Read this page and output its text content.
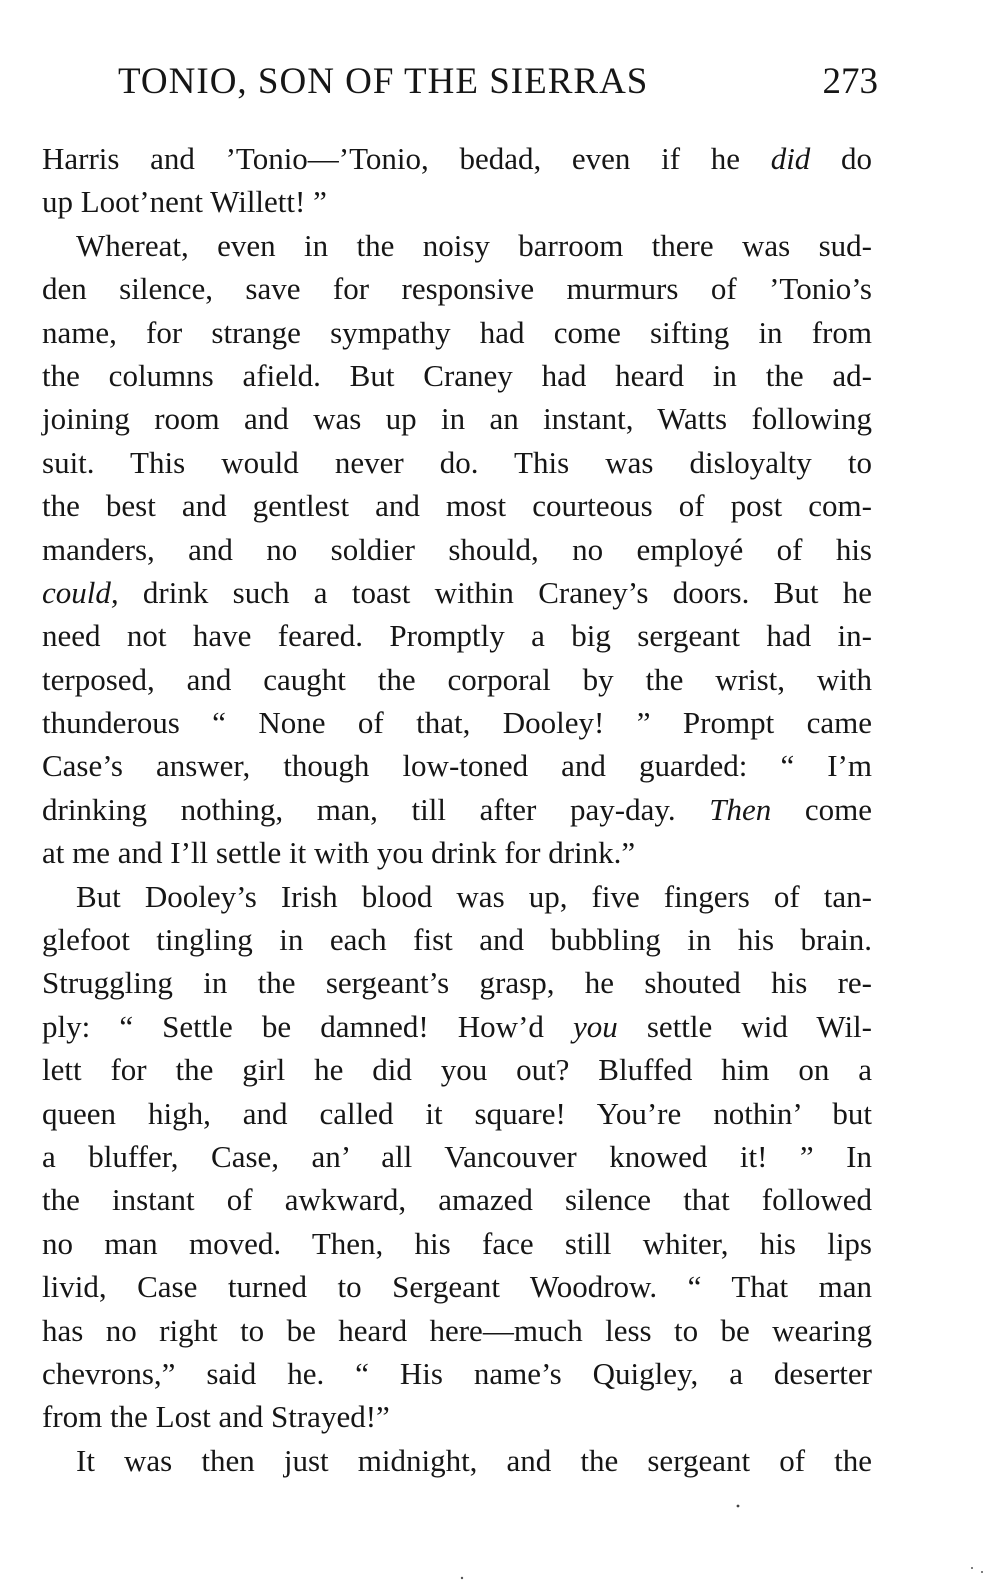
TONIO, SON OF THE SIERRAS	273
Harris and ’Tonio—’Tonio, bedad, even if he did do
up Loot’nent Willett! ”
Whereat, even in the noisy barroom there was sud-
den silence, save for responsive murmurs of ’Tonio’s
name, for strange sympathy had come sifting in from
the columns afield. But Craney had heard in the ad-
joining room and was up in an instant, Watts following
suit. This would never do. This was disloyalty to
the best and gentlest and most courteous of post com-
manders, and no soldier should, no employé of his
could, drink such a toast within Craney’s doors. But he
need not have feared. Promptly a big sergeant had in-
terposed, and caught the corporal by the wrist, with
thunderous “ None of that, Dooley! ” Prompt came
Case’s answer, though low-toned and guarded: “ I’m
drinking nothing, man, till after pay-day. Then come
at me and I’ll settle it with you drink for drink.”
But Dooley’s Irish blood was up, five fingers of tan-
glefoot tingling in each fist and bubbling in his brain.
Struggling in the sergeant’s grasp, he shouted his re-
ply: “ Settle be damned! How’d you settle wid Wil-
lett for the girl he did you out? Bluffed him on a
queen high, and called it square! You’re nothin’ but
a bluffer, Case, an’ all Vancouver knowed it! ” In
the instant of awkward, amazed silence that followed
no man moved. Then, his face still whiter, his lips
livid, Case turned to Sergeant Woodrow. “ That man
has no right to be heard here—much less to be wearing
chevrons,” said he. “ His name’s Quigley, a deserter
from the Lost and Strayed!”
It was then just midnight, and the sergeant of the
